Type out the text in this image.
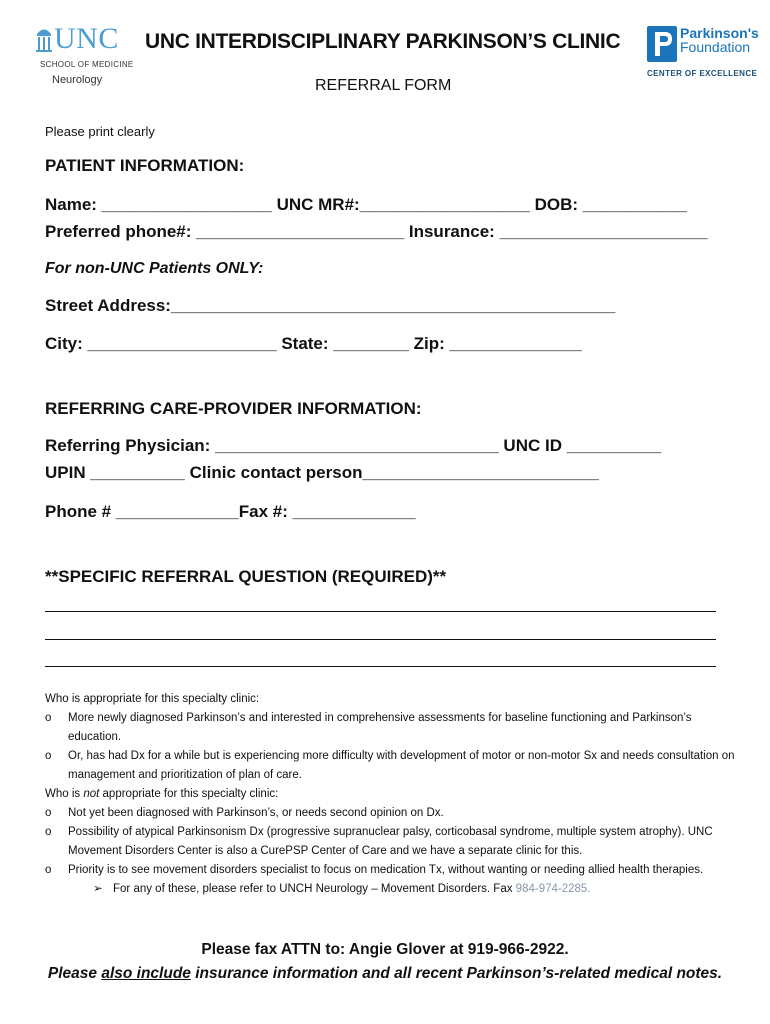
UNC
SCHOOL OF MEDICINE
Neurology
UNC INTERDISCIPLINARY PARKINSON’S CLINIC
REFERRAL FORM
Parkinson's
Foundation
CENTER OF EXCELLENCE
Please print clearly
PATIENT INFORMATION:
Name: __________________ UNC MR#:__________________ DOB: ___________
Preferred phone#: ______________________ Insurance: ______________________
For non-UNC Patients ONLY:
Street Address:_______________________________________________
City: ____________________ State: ________ Zip: ______________
REFERRING CARE-PROVIDER INFORMATION:
Referring Physician: ______________________________ UNC ID __________
UPIN __________ Clinic contact person_________________________
Phone # _____________Fax #: _____________
**SPECIFIC REFERRAL QUESTION (REQUIRED)**
Who is appropriate for this specialty clinic:
o More newly diagnosed Parkinson’s and interested in comprehensive assessments for baseline functioning and Parkinson’s education.
o Or, has had Dx for a while but is experiencing more difficulty with development of motor or non-motor Sx and needs consultation on management and prioritization of plan of care.
Who is not appropriate for this specialty clinic:
o Not yet been diagnosed with Parkinson’s, or needs second opinion on Dx.
o Possibility of atypical Parkinsonism Dx (progressive supranuclear palsy, corticobasal syndrome, multiple system atrophy). UNC Movement Disorders Center is also a CurePSP Center of Care and we have a separate clinic for this.
o Priority is to see movement disorders specialist to focus on medication Tx, without wanting or needing allied health therapies.
➢ For any of these, please refer to UNCH Neurology – Movement Disorders. Fax 984-974-2285.
Please fax ATTN to: Angie Glover at 919-966-2922.
Please also include insurance information and all recent Parkinson’s-related medical notes.
